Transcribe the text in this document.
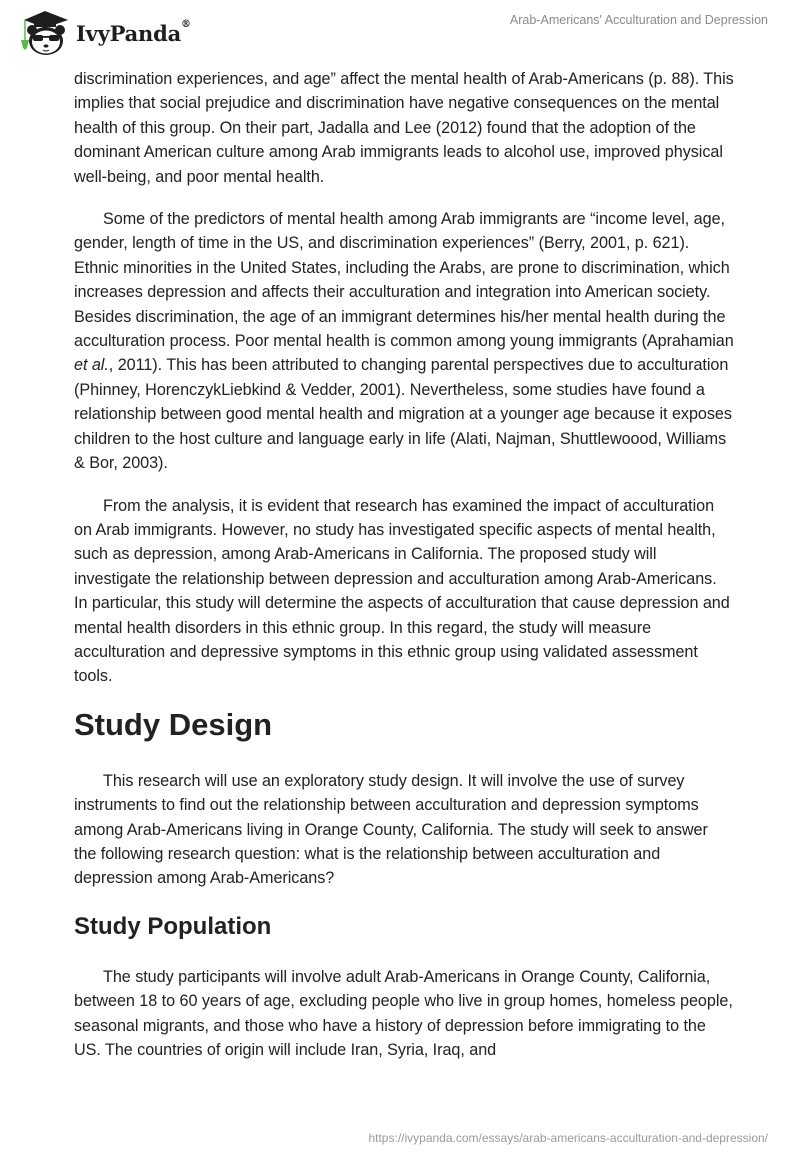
IvyPanda®	Arab-Americans' Acculturation and Depression

discrimination experiences, and age” affect the mental health of Arab-Americans (p. 88). This implies that social prejudice and discrimination have negative consequences on the mental health of this group. On their part, Jadalla and Lee (2012) found that the adoption of the dominant American culture among Arab immigrants leads to alcohol use, improved physical well-being, and poor mental health.

Some of the predictors of mental health among Arab immigrants are “income level, age, gender, length of time in the US, and discrimination experiences” (Berry, 2001, p. 621). Ethnic minorities in the United States, including the Arabs, are prone to discrimination, which increases depression and affects their acculturation and integration into American society. Besides discrimination, the age of an immigrant determines his/her mental health during the acculturation process. Poor mental health is common among young immigrants (Aprahamian et al., 2011). This has been attributed to changing parental perspectives due to acculturation (Phinney, HorenczykLiebkind & Vedder, 2001). Nevertheless, some studies have found a relationship between good mental health and migration at a younger age because it exposes children to the host culture and language early in life (Alati, Najman, Shuttlewoood, Williams & Bor, 2003).

From the analysis, it is evident that research has examined the impact of acculturation on Arab immigrants. However, no study has investigated specific aspects of mental health, such as depression, among Arab-Americans in California. The proposed study will investigate the relationship between depression and acculturation among Arab-Americans. In particular, this study will determine the aspects of acculturation that cause depression and mental health disorders in this ethnic group. In this regard, the study will measure acculturation and depressive symptoms in this ethnic group using validated assessment tools.

Study Design

This research will use an exploratory study design. It will involve the use of survey instruments to find out the relationship between acculturation and depression symptoms among Arab-Americans living in Orange County, California. The study will seek to answer the following research question: what is the relationship between acculturation and depression among Arab-Americans?

Study Population

The study participants will involve adult Arab-Americans in Orange County, California, between 18 to 60 years of age, excluding people who live in group homes, homeless people, seasonal migrants, and those who have a history of depression before immigrating to the US. The countries of origin will include Iran, Syria, Iraq, and

https://ivypanda.com/essays/arab-americans-acculturation-and-depression/
